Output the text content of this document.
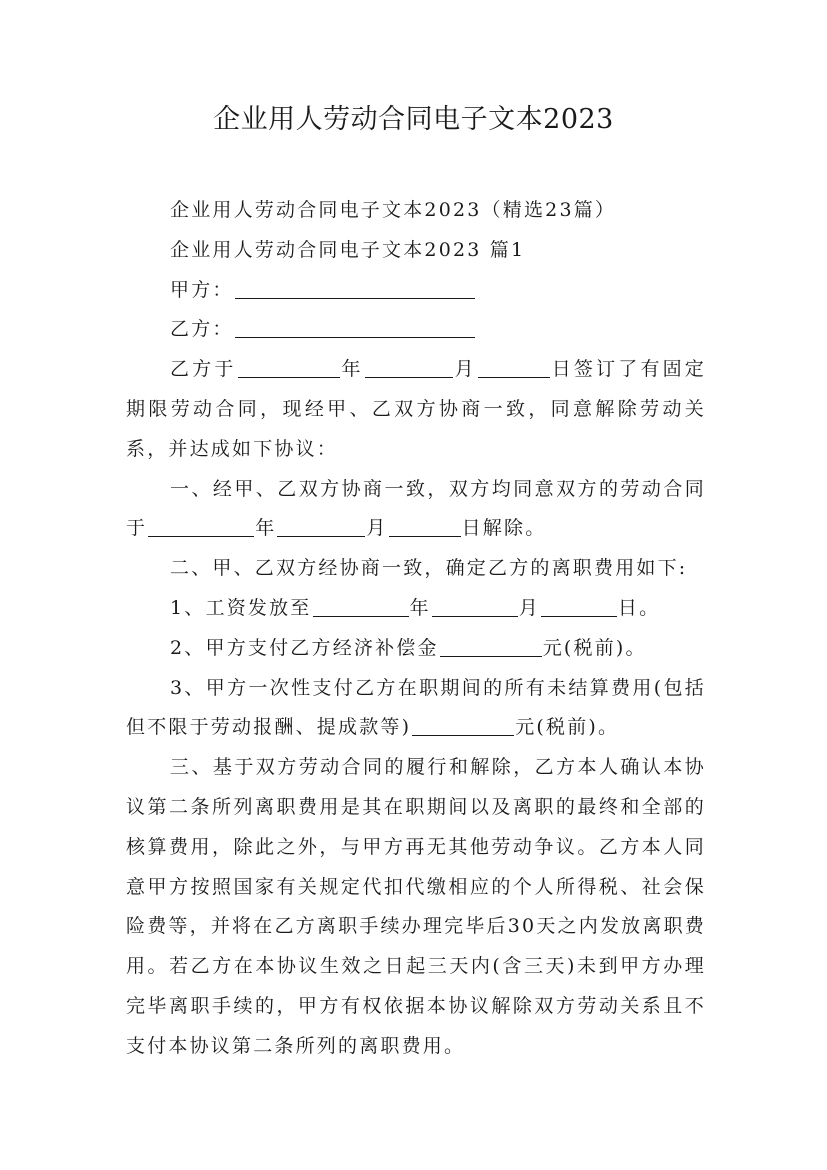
企业用人劳动合同电子文本2023

企业用人劳动合同电子文本2023（精选23篇）

企业用人劳动合同电子文本2023 篇1

甲方：

乙方：

乙方于	年	月	日签订了有固定期限劳动合同，现经甲、乙双方协商一致，同意解除劳动关系，并达成如下协议：

一、经甲、乙双方协商一致，双方均同意双方的劳动合同于	年	月	日解除。

二、甲、乙双方经协商一致，确定乙方的离职费用如下:

1、工资发放至	年	月	日。

2、甲方支付乙方经济补偿金	元(税前)。

3、甲方一次性支付乙方在职期间的所有未结算费用(包括但不限于劳动报酬、提成款等)	元(税前)。

三、基于双方劳动合同的履行和解除，乙方本人确认本协议第二条所列离职费用是其在职期间以及离职的最终和全部的核算费用，除此之外，与甲方再无其他劳动争议。乙方本人同意甲方按照国家有关规定代扣代缴相应的个人所得税、社会保险费等，并将在乙方离职手续办理完毕后30天之内发放离职费用。若乙方在本协议生效之日起三天内(含三天)未到甲方办理完毕离职手续的，甲方有权依据本协议解除双方劳动关系且不支付本协议第二条所列的离职费用。
